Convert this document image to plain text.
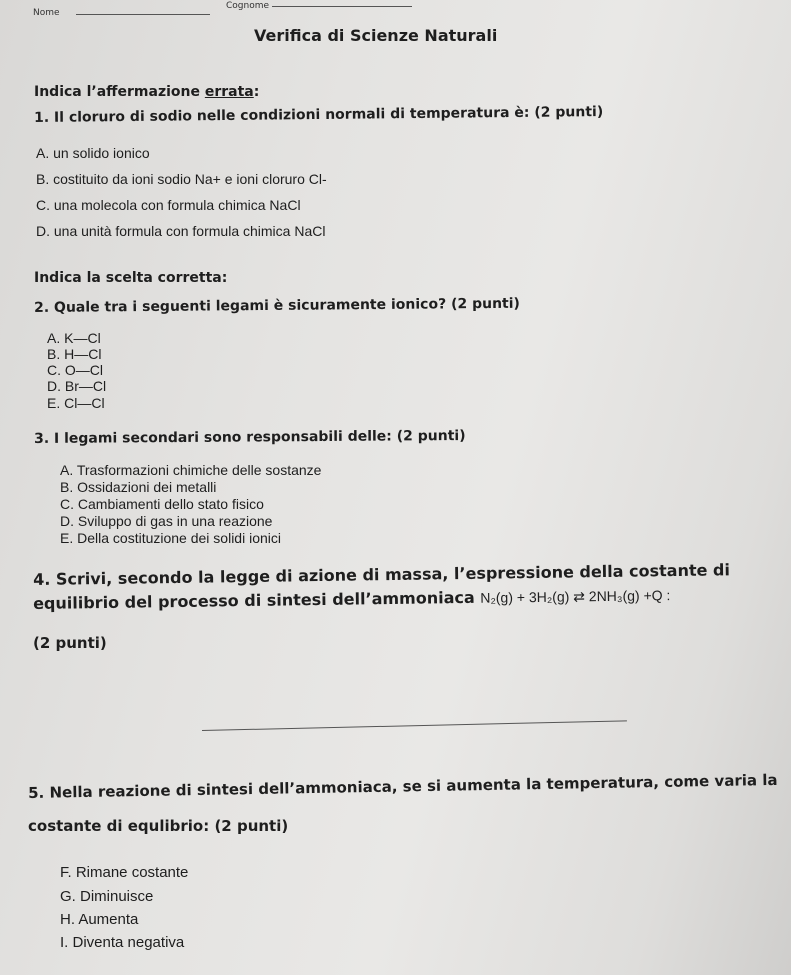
Nome
Cognome
Verifica di Scienze Naturali
Indica l’affermazione errata:
1. Il cloruro di sodio nelle condizioni normali di temperatura è: (2 punti)
A. un solido ionico
B. costituito da ioni sodio Na+ e ioni cloruro Cl-
C. una molecola con formula chimica NaCl
D. una unità formula con formula chimica NaCl
Indica la scelta corretta:
2. Quale tra i seguenti legami è sicuramente ionico? (2 punti)
A. K—Cl
B. H—Cl
C. O—Cl
D. Br—Cl
E. Cl—Cl
3. I legami secondari sono responsabili delle: (2 punti)
A. Trasformazioni chimiche delle sostanze
B. Ossidazioni dei metalli
C. Cambiamenti dello stato fisico
D. Sviluppo di gas in una reazione
E. Della costituzione dei solidi ionici
4. Scrivi, secondo la legge di azione di massa, l’espressione della costante di
equilibrio del processo di sintesi dell’ammoniaca N₂(g) + 3H₂(g) ⇄ 2NH₃(g) +Q :
(2 punti)
5. Nella reazione di sintesi dell’ammoniaca, se si aumenta la temperatura, come varia la
costante di equlibrio: (2 punti)
F. Rimane costante
G. Diminuisce
H. Aumenta
I. Diventa negativa
